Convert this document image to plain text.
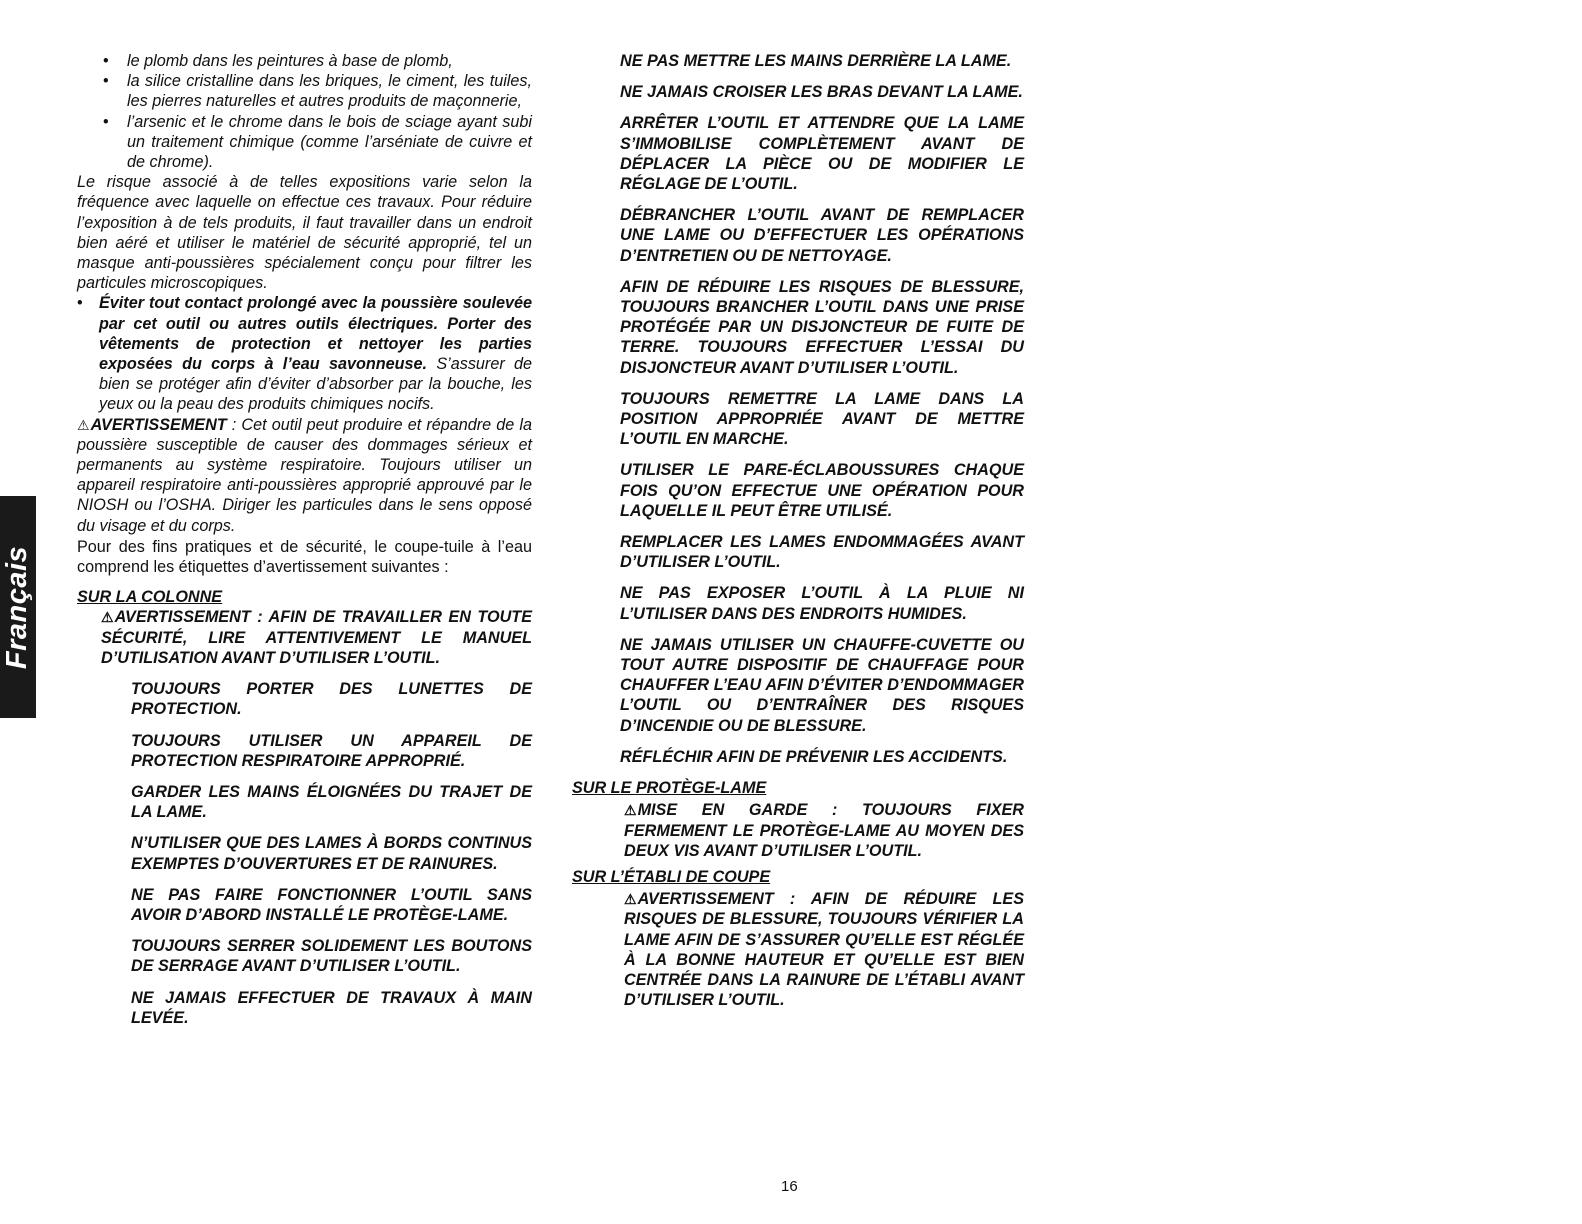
Français
• le plomb dans les peintures à base de plomb,
• la silice cristalline dans les briques, le ciment, les tuiles, les pierres naturelles et autres produits de maçonnerie,
• l’arsenic et le chrome dans le bois de sciage ayant subi un traitement chimique (comme l’arséniate de cuivre et de chrome).

Le risque associé à de telles expositions varie selon la fréquence avec laquelle on effectue ces travaux. Pour réduire l’exposition à de tels produits, il faut travailler dans un endroit bien aéré et utiliser le matériel de sécurité approprié, tel un masque anti-poussières spécialement conçu pour filtrer les particules microscopiques.

• Éviter tout contact prolongé avec la poussière soulevée par cet outil ou autres outils électriques. Porter des vêtements de protection et nettoyer les parties exposées du corps à l’eau savonneuse. S’assurer de bien se protéger afin d’éviter d’absorber par la bouche, les yeux ou la peau des produits chimiques nocifs.

⚠AVERTISSEMENT : Cet outil peut produire et répandre de la poussière susceptible de causer des dommages sérieux et permanents au système respiratoire. Toujours utiliser un appareil respiratoire anti-poussières approprié approuvé par le NIOSH ou l’OSHA. Diriger les particules dans le sens opposé du visage et du corps.

Pour des fins pratiques et de sécurité, le coupe-tuile à l’eau comprend les étiquettes d’avertissement suivantes :

SUR LA COLONNE

⚠AVERTISSEMENT : AFIN DE TRAVAILLER EN TOUTE SÉCURITÉ, LIRE ATTENTIVEMENT LE MANUEL D’UTILISATION AVANT D’UTILISER L’OUTIL.

TOUJOURS PORTER DES LUNETTES DE PROTECTION.

TOUJOURS UTILISER UN APPAREIL DE PROTECTION RESPIRATOIRE APPROPRIÉ.

GARDER LES MAINS ÉLOIGNÉES DU TRAJET DE LA LAME.

N’UTILISER QUE DES LAMES À BORDS CONTINUS EXEMPTES D’OUVERTURES ET DE RAINURES.

NE PAS FAIRE FONCTIONNER L’OUTIL SANS AVOIR D’ABORD INSTALLÉ LE PROTÈGE-LAME.

TOUJOURS SERRER SOLIDEMENT LES BOUTONS DE SERRAGE AVANT D’UTILISER L’OUTIL.

NE JAMAIS EFFECTUER DE TRAVAUX À MAIN LEVÉE.

NE PAS METTRE LES MAINS DERRIÈRE LA LAME.

NE JAMAIS CROISER LES BRAS DEVANT LA LAME.

ARRÊTER L’OUTIL ET ATTENDRE QUE LA LAME S’IMMOBILISE COMPLÈTEMENT AVANT DE DÉPLACER LA PIÈCE OU DE MODIFIER LE RÉGLAGE DE L’OUTIL.

DÉBRANCHER L’OUTIL AVANT DE REMPLACER UNE LAME OU D’EFFECTUER LES OPÉRATIONS D’ENTRETIEN OU DE NETTOYAGE.

AFIN DE RÉDUIRE LES RISQUES DE BLESSURE, TOUJOURS BRANCHER L’OUTIL DANS UNE PRISE PROTÉGÉE PAR UN DISJONCTEUR DE FUITE DE TERRE. TOUJOURS EFFECTUER L’ESSAI DU DISJONCTEUR AVANT D’UTILISER L’OUTIL.

TOUJOURS REMETTRE LA LAME DANS LA POSITION APPROPRIÉE AVANT DE METTRE L’OUTIL EN MARCHE.

UTILISER LE PARE-ÉCLABOUSSURES CHAQUE FOIS QU’ON EFFECTUE UNE OPÉRATION POUR LAQUELLE IL PEUT ÊTRE UTILISÉ.

REMPLACER LES LAMES ENDOMMAGÉES AVANT D’UTILISER L’OUTIL.

NE PAS EXPOSER L’OUTIL À LA PLUIE NI L’UTILISER DANS DES ENDROITS HUMIDES.

NE JAMAIS UTILISER UN CHAUFFE-CUVETTE OU TOUT AUTRE DISPOSITIF DE CHAUFFAGE POUR CHAUFFER L’EAU AFIN D’ÉVITER D’ENDOMMAGER L’OUTIL OU D’ENTRAÎNER DES RISQUES D’INCENDIE OU DE BLESSURE.

RÉFLÉCHIR AFIN DE PRÉVENIR LES ACCIDENTS.

SUR LE PROTÈGE-LAME

⚠MISE EN GARDE : TOUJOURS FIXER FERMEMENT LE PROTÈGE-LAME AU MOYEN DES DEUX VIS AVANT D’UTILISER L’OUTIL.

SUR L’ÉTABLI DE COUPE

⚠AVERTISSEMENT : AFIN DE RÉDUIRE LES RISQUES DE BLESSURE, TOUJOURS VÉRIFIER LA LAME AFIN DE S’ASSURER QU’ELLE EST RÉGLÉE À LA BONNE HAUTEUR ET QU’ELLE EST BIEN CENTRÉE DANS LA RAINURE DE L’ÉTABLI AVANT D’UTILISER L’OUTIL.

16
